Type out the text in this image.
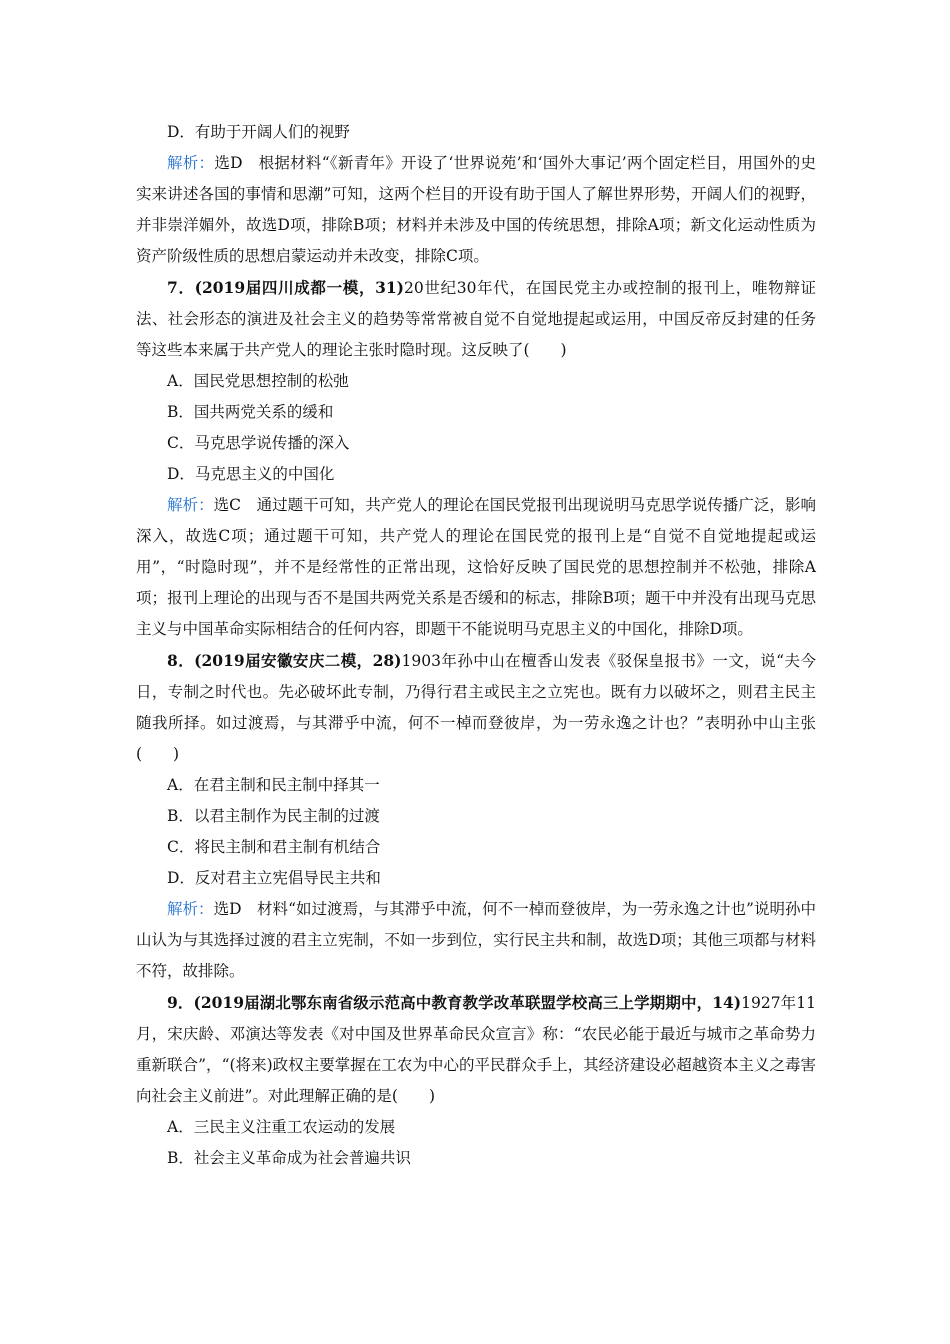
D．有助于开阔人们的视野

解析：选D　根据材料“《新青年》开设了‘世界说苑’和‘国外大事记’两个固定栏目，用国外的史实来讲述各国的事情和思潮”可知，这两个栏目的开设有助于国人了解世界形势，开阔人们的视野，并非崇洋媚外，故选D项，排除B项；材料并未涉及中国的传统思想，排除A项；新文化运动性质为资产阶级性质的思想启蒙运动并未改变，排除C项。

7．(2019届四川成都一模，31)20世纪30年代，在国民党主办或控制的报刊上，唯物辩证法、社会形态的演进及社会主义的趋势等常常被自觉不自觉地提起或运用，中国反帝反封建的任务等这些本来属于共产党人的理论主张时隐时现。这反映了(　　)

A．国民党思想控制的松弛

B．国共两党关系的缓和

C．马克思学说传播的深入

D．马克思主义的中国化

解析：选C　通过题干可知，共产党人的理论在国民党报刊出现说明马克思学说传播广泛，影响深入，故选C项；通过题干可知，共产党人的理论在国民党的报刊上是“自觉不自觉地提起或运用”，“时隐时现”，并不是经常性的正常出现，这恰好反映了国民党的思想控制并不松弛，排除A项；报刊上理论的出现与否不是国共两党关系是否缓和的标志，排除B项；题干中并没有出现马克思主义与中国革命实际相结合的任何内容，即题干不能说明马克思主义的中国化，排除D项。

8．(2019届安徽安庆二模，28)1903年孙中山在檀香山发表《驳保皇报书》一文，说“夫今日，专制之时代也。先必破坏此专制，乃得行君主或民主之立宪也。既有力以破坏之，则君主民主随我所择。如过渡焉，与其滞乎中流，何不一棹而登彼岸，为一劳永逸之计也？”表明孙中山主张(　　)

A．在君主制和民主制中择其一

B．以君主制作为民主制的过渡

C．将民主制和君主制有机结合

D．反对君主立宪倡导民主共和

解析：选D　材料“如过渡焉，与其滞乎中流，何不一棹而登彼岸，为一劳永逸之计也”说明孙中山认为与其选择过渡的君主立宪制，不如一步到位，实行民主共和制，故选D项；其他三项都与材料不符，故排除。

9．(2019届湖北鄂东南省级示范高中教育教学改革联盟学校高三上学期期中，14)1927年11月，宋庆龄、邓演达等发表《对中国及世界革命民众宣言》称：“农民必能于最近与城市之革命势力重新联合”，“(将来)政权主要掌握在工农为中心的平民群众手上，其经济建设必超越资本主义之毒害向社会主义前进”。对此理解正确的是(　　)

A．三民主义注重工农运动的发展

B．社会主义革命成为社会普遍共识
